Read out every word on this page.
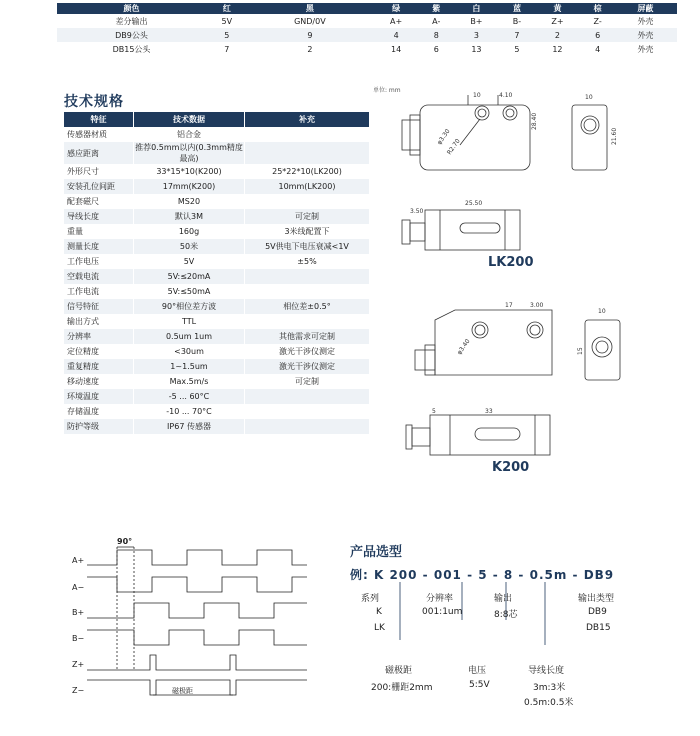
颜色	红	黑	绿	紫	白	蓝	黄	棕	屏蔽
差分输出	5V	GND/0V	A+	A-	B+	B-	Z+	Z-	外壳
DB9公头	5	9	4	8	3	7	2	6	外壳
DB15公头	7	2	14	6	13	5	12	4	外壳
技术规格
特征	技术数据	补充
传感器材质	铝合金	
感应距离	推荐0.5mm以内(0.3mm精度最高)	
外形尺寸	33*15*10(K200)	25*22*10(LK200)
安装孔位间距	17mm(K200)	10mm(LK200)
配套磁尺	MS20	
导线长度	默认3M	可定制
重量	160g	3米线配置下
测量长度	50米	5V供电下电压衰减<1V
工作电压	5V	±5%
空载电流	5V:≤20mA	
工作电流	5V:≤50mA	
信号特征	90°相位差方波	相位差±0.5°
输出方式	TTL	
分辨率	0.5um 1um	其他需求可定制
定位精度	<30um	激光干涉仪测定
重复精度	1~1.5um	激光干涉仪测定
移动速度	Max.5m/s	可定制
环境温度	-5 ... 60°C	
存储温度	-10 ... 70°C	
防护等级	IP67 传感器	
单位: mm
10	4.10
φ3.30
R2.70
28.40
10
21.60
3.50
25.50
17	3.00
φ3.40
10
15
5	33
LK200
K200
90°
A+
A−
B+
B−
Z+
Z−	磁极距
产品选型
例: K 200 - 001 - 5 - 8 - 0.5m - DB9
系列
K
LK
分辨率
001:1um
输出
8:8芯
输出类型
DB9
DB15
磁极距
200:栅距2mm
电压
5:5V
导线长度
3m:3米
0.5m:0.5米
